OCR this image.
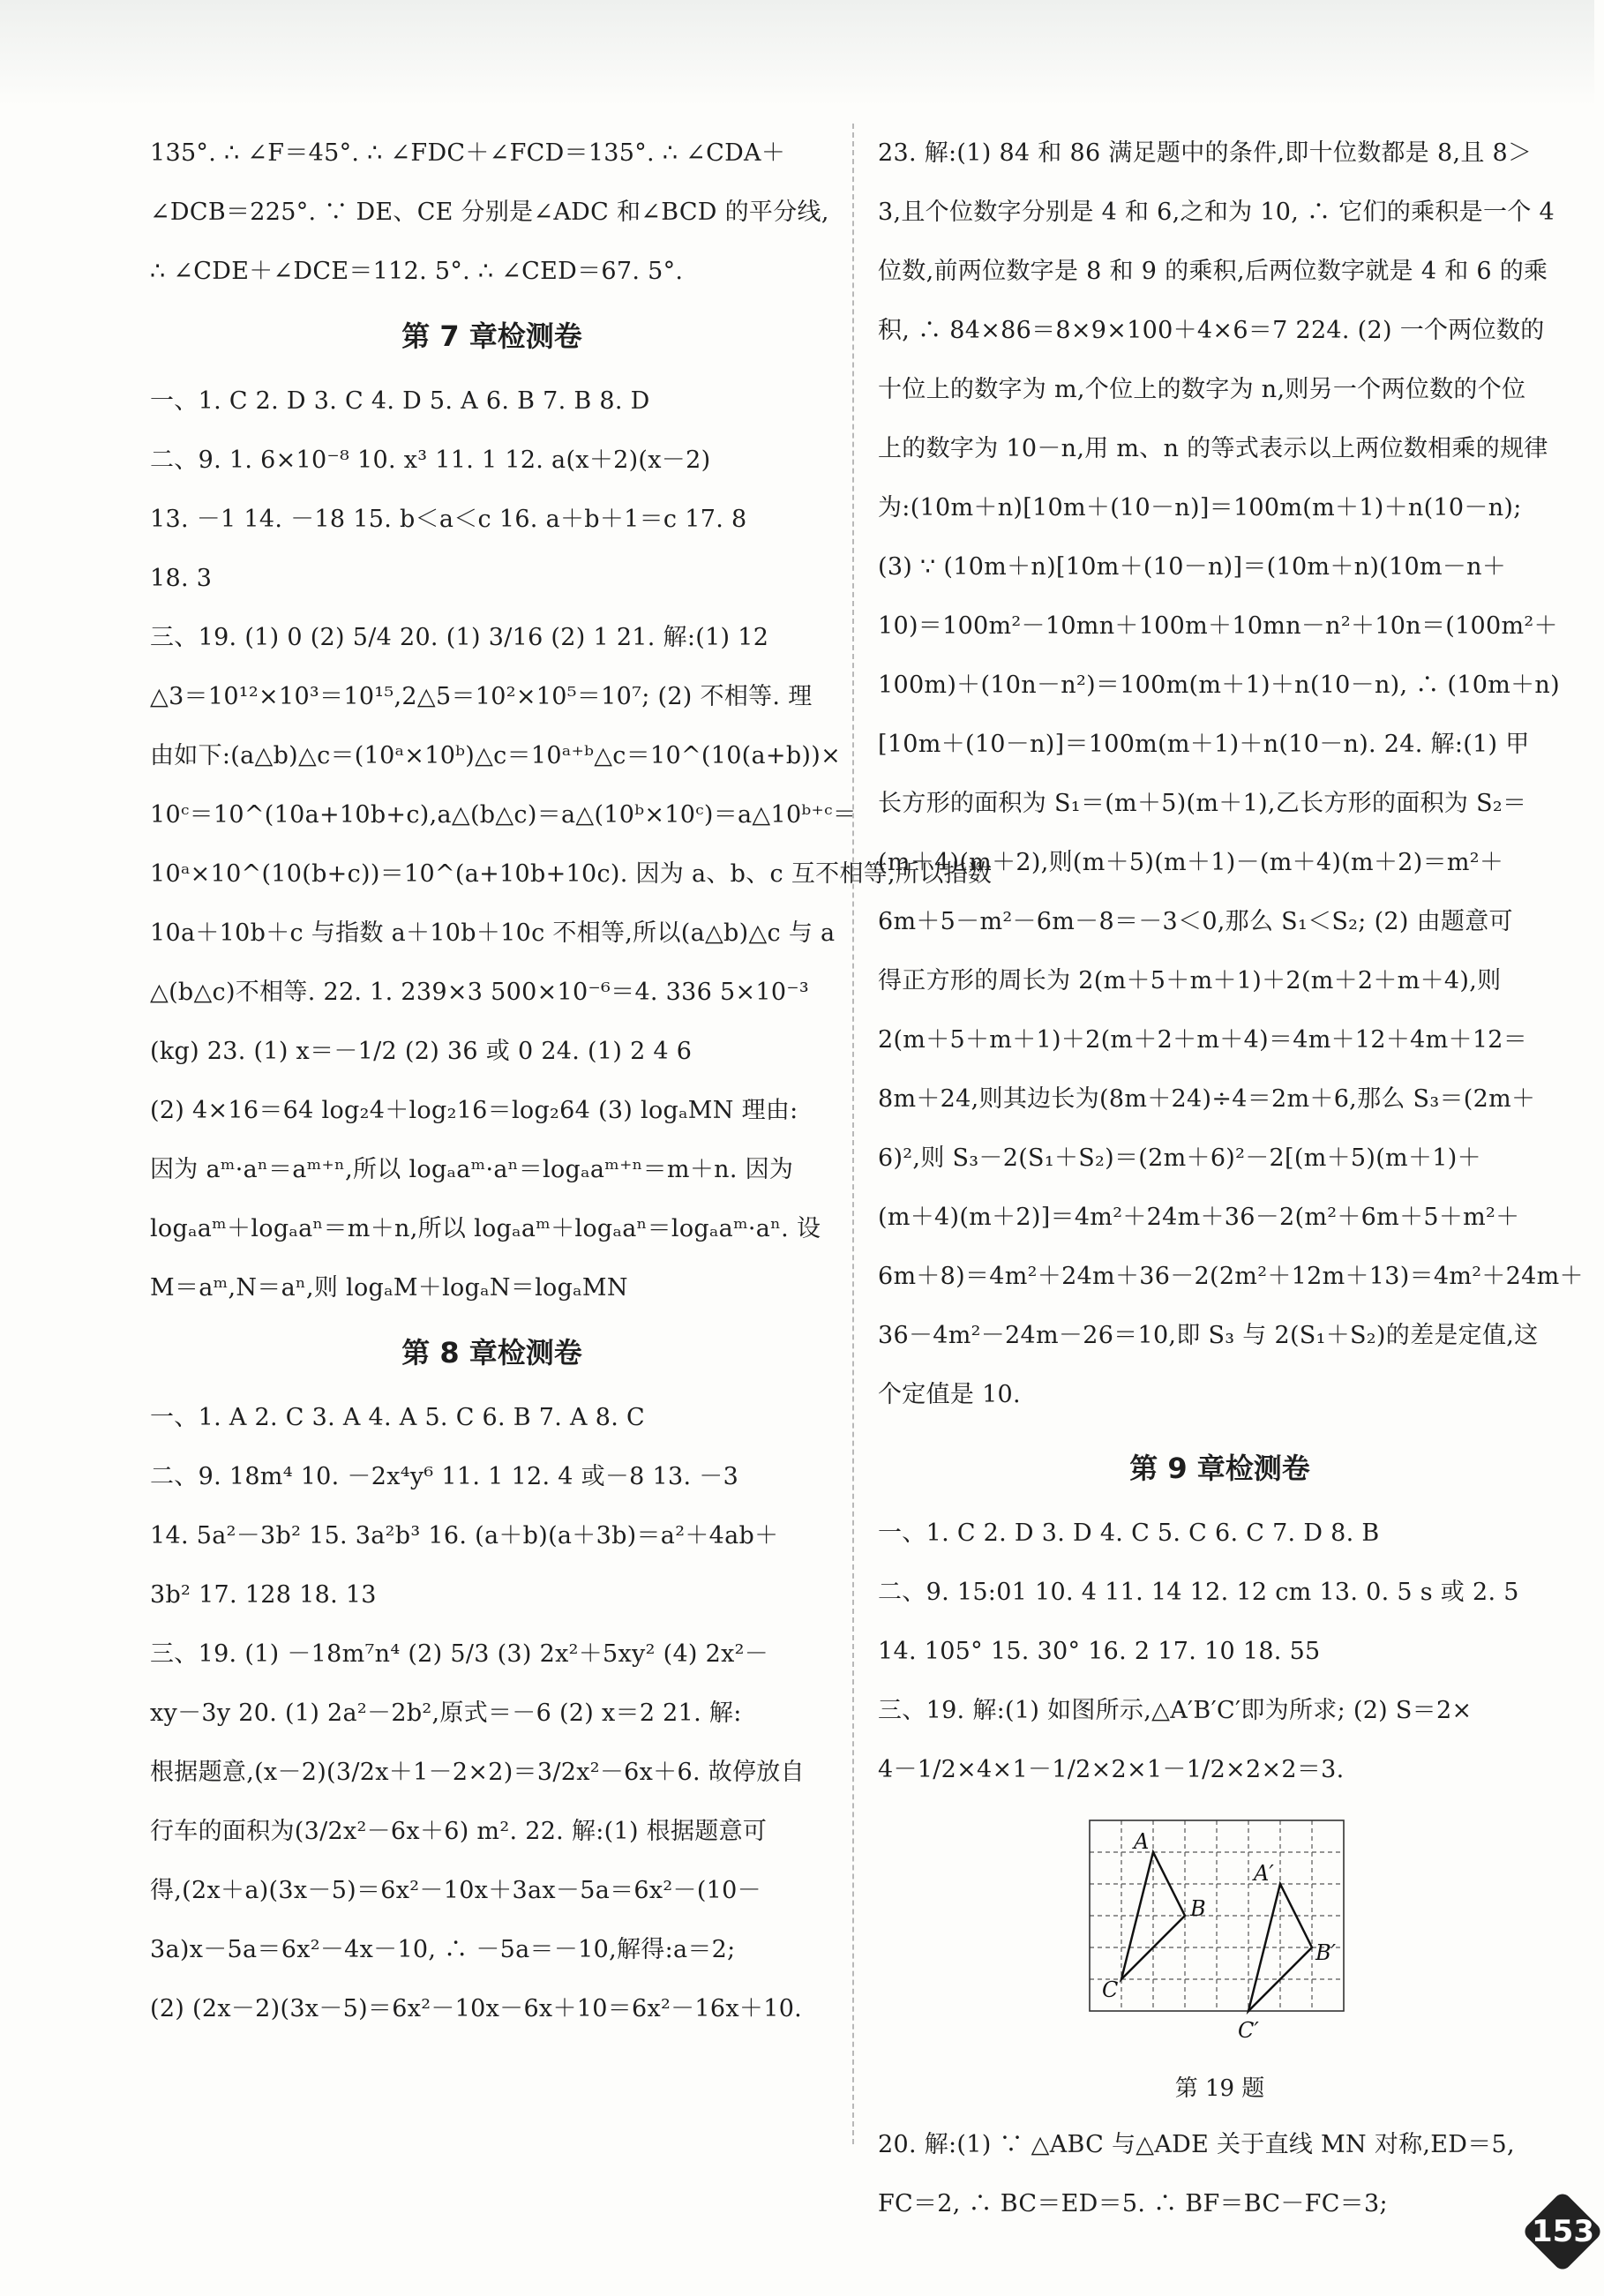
135°. ∴ ∠F＝45°. ∴ ∠FDC＋∠FCD＝135°. ∴ ∠CDA＋
∠DCB＝225°. ∵ DE、CE 分别是∠ADC 和∠BCD 的平分线,
∴ ∠CDE＋∠DCE＝112. 5°. ∴ ∠CED＝67. 5°.
第 7 章检测卷
一、1. C 2. D 3. C 4. D 5. A 6. B 7. B 8. D
二、9. 1. 6×10⁻⁸ 10. x³ 11. 1 12. a(x＋2)(x－2)
13. －1 14. －18 15. b＜a＜c 16. a＋b＋1＝c 17. 8
18. 3
三、19. (1) 0 (2) 5/4 20. (1) 3/16 (2) 1 21. 解:(1) 12
△3＝10¹²×10³＝10¹⁵,2△5＝10²×10⁵＝10⁷; (2) 不相等. 理
由如下:(a△b)△c＝(10ᵃ×10ᵇ)△c＝10ᵃ⁺ᵇ△c＝10^(10(a+b))×
10ᶜ＝10^(10a+10b+c),a△(b△c)＝a△(10ᵇ×10ᶜ)＝a△10ᵇ⁺ᶜ＝
10ᵃ×10^(10(b+c))＝10^(a+10b+10c). 因为 a、b、c 互不相等,所以指数
10a＋10b＋c 与指数 a＋10b＋10c 不相等,所以(a△b)△c 与 a
△(b△c)不相等. 22. 1. 239×3 500×10⁻⁶＝4. 336 5×10⁻³
(kg) 23. (1) x＝－1/2 (2) 36 或 0 24. (1) 2 4 6
(2) 4×16＝64 log₂4＋log₂16＝log₂64 (3) logₐMN 理由:
因为 aᵐ·aⁿ＝aᵐ⁺ⁿ,所以 logₐaᵐ·aⁿ＝logₐaᵐ⁺ⁿ＝m＋n. 因为
logₐaᵐ＋logₐaⁿ＝m＋n,所以 logₐaᵐ＋logₐaⁿ＝logₐaᵐ·aⁿ. 设
M＝aᵐ,N＝aⁿ,则 logₐM＋logₐN＝logₐMN
第 8 章检测卷
一、1. A 2. C 3. A 4. A 5. C 6. B 7. A 8. C
二、9. 18m⁴ 10. －2x⁴y⁶ 11. 1 12. 4 或－8 13. －3
14. 5a²－3b² 15. 3a²b³ 16. (a＋b)(a＋3b)＝a²＋4ab＋
3b² 17. 128 18. 13
三、19. (1) －18m⁷n⁴ (2) 5/3 (3) 2x²＋5xy² (4) 2x²－
xy－3y 20. (1) 2a²－2b²,原式＝－6 (2) x＝2 21. 解:
根据题意,(x－2)(3/2x＋1－2×2)＝3/2x²－6x＋6. 故停放自
行车的面积为(3/2x²－6x＋6) m². 22. 解:(1) 根据题意可
得,(2x＋a)(3x－5)＝6x²－10x＋3ax－5a＝6x²－(10－
3a)x－5a＝6x²－4x－10, ∴ －5a＝－10,解得:a＝2;
(2) (2x－2)(3x－5)＝6x²－10x－6x＋10＝6x²－16x＋10.
23. 解:(1) 84 和 86 满足题中的条件,即十位数都是 8,且 8＞
3,且个位数字分别是 4 和 6,之和为 10, ∴ 它们的乘积是一个 4
位数,前两位数字是 8 和 9 的乘积,后两位数字就是 4 和 6 的乘
积, ∴ 84×86＝8×9×100＋4×6＝7 224. (2) 一个两位数的
十位上的数字为 m,个位上的数字为 n,则另一个两位数的个位
上的数字为 10－n,用 m、n 的等式表示以上两位数相乘的规律
为:(10m＋n)[10m＋(10－n)]＝100m(m＋1)＋n(10－n);
(3) ∵ (10m＋n)[10m＋(10－n)]＝(10m＋n)(10m－n＋
10)＝100m²－10mn＋100m＋10mn－n²＋10n＝(100m²＋
100m)＋(10n－n²)＝100m(m＋1)＋n(10－n), ∴ (10m＋n)
[10m＋(10－n)]＝100m(m＋1)＋n(10－n). 24. 解:(1) 甲
长方形的面积为 S₁＝(m＋5)(m＋1),乙长方形的面积为 S₂＝
(m＋4)(m＋2),则(m＋5)(m＋1)－(m＋4)(m＋2)＝m²＋
6m＋5－m²－6m－8＝－3＜0,那么 S₁＜S₂; (2) 由题意可
得正方形的周长为 2(m＋5＋m＋1)＋2(m＋2＋m＋4),则
2(m＋5＋m＋1)＋2(m＋2＋m＋4)＝4m＋12＋4m＋12＝
8m＋24,则其边长为(8m＋24)÷4＝2m＋6,那么 S₃＝(2m＋
6)²,则 S₃－2(S₁＋S₂)＝(2m＋6)²－2[(m＋5)(m＋1)＋
(m＋4)(m＋2)]＝4m²＋24m＋36－2(m²＋6m＋5＋m²＋
6m＋8)＝4m²＋24m＋36－2(2m²＋12m＋13)＝4m²＋24m＋
36－4m²－24m－26＝10,即 S₃ 与 2(S₁＋S₂)的差是定值,这
个定值是 10.
第 9 章检测卷
一、1. C 2. D 3. D 4. C 5. C 6. C 7. D 8. B
二、9. 15:01 10. 4 11. 14 12. 12 cm 13. 0. 5 s 或 2. 5
14. 105° 15. 30° 16. 2 17. 10 18. 55
三、19. 解:(1) 如图所示,△A′B′C′即为所求; (2) S＝2×
4－1/2×4×1－1/2×2×1－1/2×2×2＝3.
A
B
C
A′
B′
C′
第 19 题
20. 解:(1) ∵ △ABC 与△ADE 关于直线 MN 对称,ED＝5,
FC＝2, ∴ BC＝ED＝5. ∴ BF＝BC－FC＝3;
153
